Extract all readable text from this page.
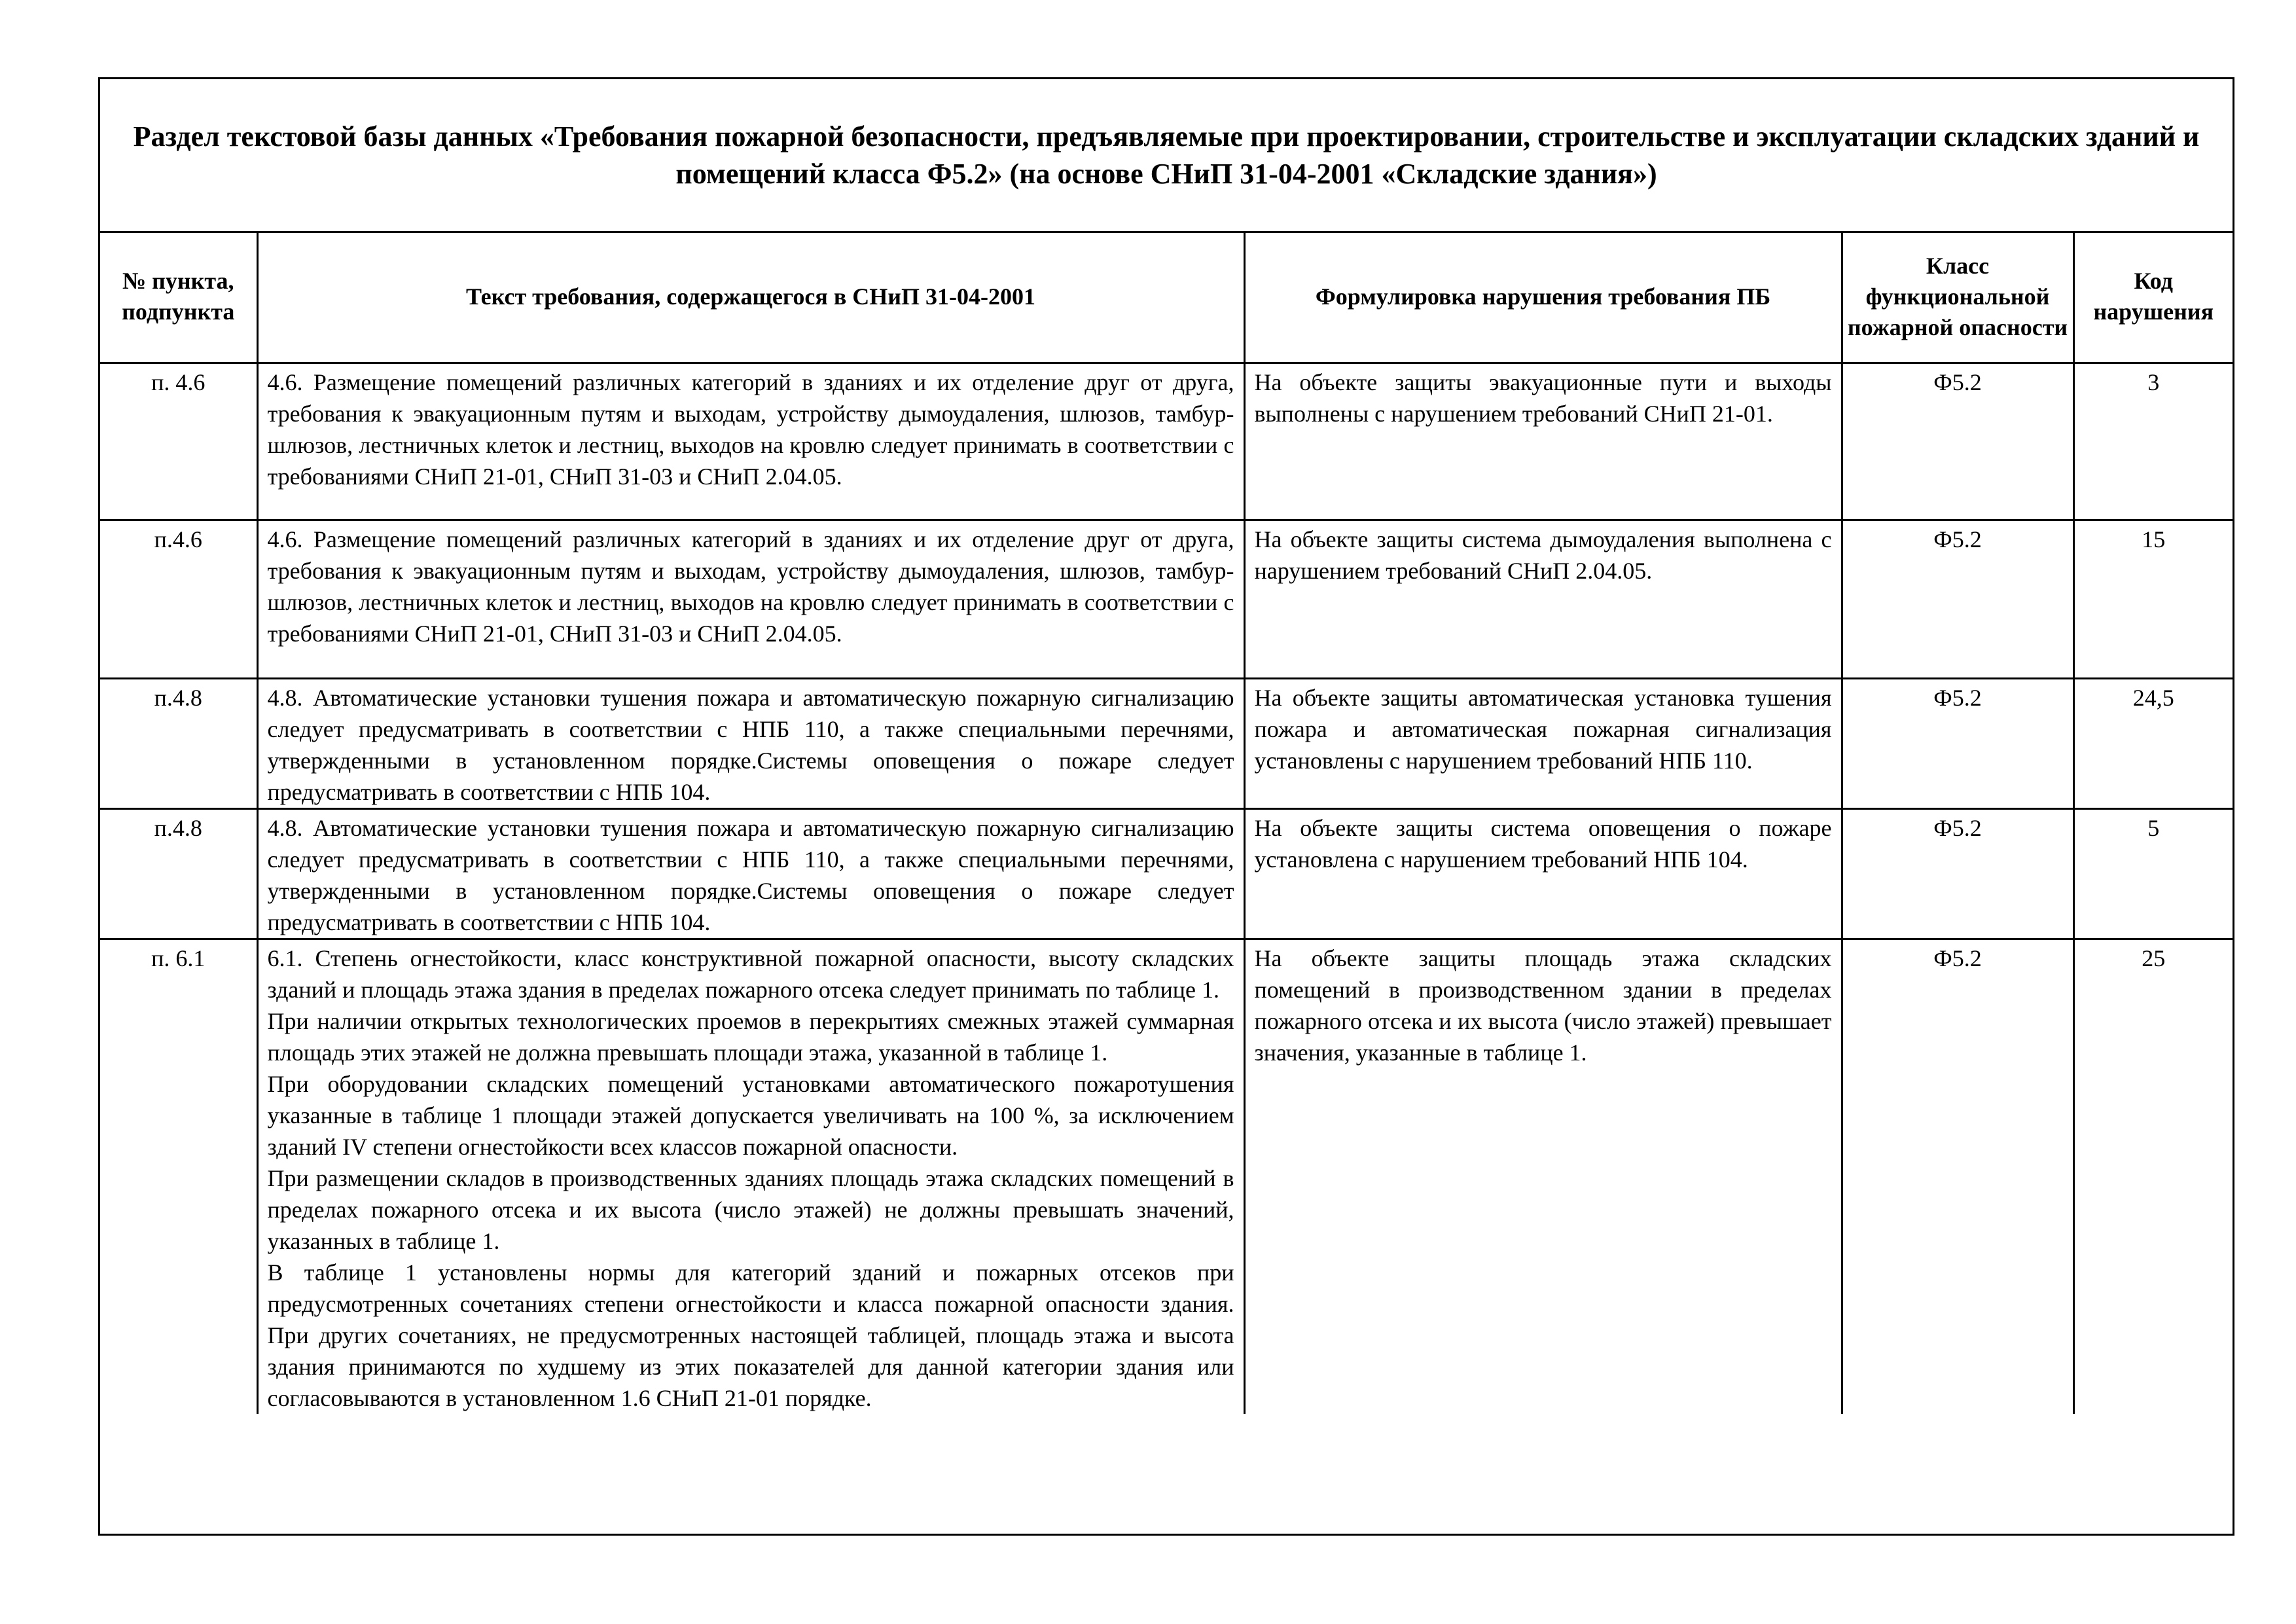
Раздел текстовой базы данных «Требования пожарной безопасности, предъявляемые при проектировании, строительстве и эксплуатации складских зданий и помещений класса Ф5.2» (на основе СНиП 31-04-2001 «Складские здания»)
№ пункта, подпункта	Текст требования, содержащегося в СНиП 31-04-2001	Формулировка нарушения требования ПБ	Класс функциональной пожарной опасности	Код нарушения
п. 4.6	4.6. Размещение помещений различных категорий в зданиях и их отделение друг от друга, требования к эвакуационным путям и выходам, устройству дымоудаления, шлюзов, тамбур-шлюзов, лестничных клеток и лестниц, выходов на кровлю следует принимать в соответствии с требованиями СНиП 21-01, СНиП 31-03 и СНиП 2.04.05.	На объекте защиты эвакуационные пути и выходы выполнены с нарушением требований СНиП 21-01.	Ф5.2	3
п.4.6	4.6. Размещение помещений различных категорий в зданиях и их отделение друг от друга, требования к эвакуационным путям и выходам, устройству дымоудаления, шлюзов, тамбур-шлюзов, лестничных клеток и лестниц, выходов на кровлю следует принимать в соответствии с требованиями СНиП 21-01, СНиП 31-03 и СНиП 2.04.05.	На объекте защиты система дымоудаления выполнена с нарушением требований СНиП 2.04.05.	Ф5.2	15
п.4.8	4.8. Автоматические установки тушения пожара и автоматическую пожарную сигнализацию следует предусматривать в соответствии с НПБ 110, а также специальными перечнями, утвержденными в установленном порядке.Системы оповещения о пожаре следует предусматривать в соответствии с НПБ 104.	На объекте защиты автоматическая установка тушения пожара и автоматическая пожарная сигнализация установлены с нарушением требований НПБ 110.	Ф5.2	24,5
п.4.8	4.8. Автоматические установки тушения пожара и автоматическую пожарную сигнализацию следует предусматривать в соответствии с НПБ 110, а также специальными перечнями, утвержденными в установленном порядке.Системы оповещения о пожаре следует предусматривать в соответствии с НПБ 104.	На объекте защиты система оповещения о пожаре установлена с нарушением требований НПБ 104.	Ф5.2	5
п. 6.1	6.1. Степень огнестойкости, класс конструктивной пожарной опасности, высоту складских зданий и площадь этажа здания в пределах пожарного отсека следует принимать по таблице 1.
При наличии открытых технологических проемов в перекрытиях смежных этажей суммарная площадь этих этажей не должна превышать площади этажа, указанной в таблице 1.
При оборудовании складских помещений установками автоматического пожаротушения указанные в таблице 1 площади этажей допускается увеличивать на 100 %, за исключением зданий IV степени огнестойкости всех классов пожарной опасности.
При размещении складов в производственных зданиях площадь этажа складских помещений в пределах пожарного отсека и их высота (число этажей) не должны превышать значений, указанных в таблице 1.
В таблице 1 установлены нормы для категорий зданий и пожарных отсеков при предусмотренных сочетаниях степени огнестойкости и класса пожарной опасности здания. При других сочетаниях, не предусмотренных настоящей таблицей, площадь этажа и высота здания принимаются по худшему из этих показателей для данной категории здания или согласовываются в установленном 1.6 СНиП 21-01 порядке.	На объекте защиты площадь этажа складских помещений в производственном здании в пределах пожарного отсека и их высота (число этажей) превышает значения, указанные в таблице 1.	Ф5.2	25
